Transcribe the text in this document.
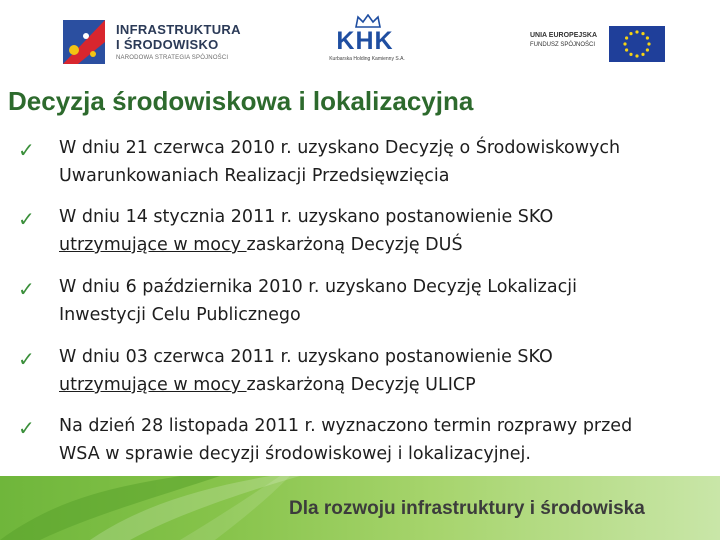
INFRASTRUKTURA
I ŚRODOWISKO
NARODOWA STRATEGIA SPÓJNOŚCI
KHK
Kurbarska Holding Kamienny S.A.
UNIA EUROPEJSKA
FUNDUSZ SPÓJNOŚCI
Decyzja środowiskowa i lokalizacyjna
✓ W dniu 21 czerwca 2010 r. uzyskano Decyzję o Środowiskowych
Uwarunkowaniach Realizacji Przedsięwzięcia
✓ W dniu 14 stycznia 2011 r. uzyskano postanowienie SKO
utrzymujące w mocy zaskarżoną Decyzję DUŚ
✓ W dniu 6 października 2010 r. uzyskano Decyzję Lokalizacji
Inwestycji Celu Publicznego
✓ W dniu 03 czerwca 2011 r. uzyskano postanowienie SKO
utrzymujące w mocy zaskarżoną Decyzję ULICP
✓ Na dzień 28 listopada 2011 r. wyznaczono termin rozprawy przed
WSA w sprawie decyzji środowiskowej i lokalizacyjnej.
Dla rozwoju infrastruktury i środowiska
